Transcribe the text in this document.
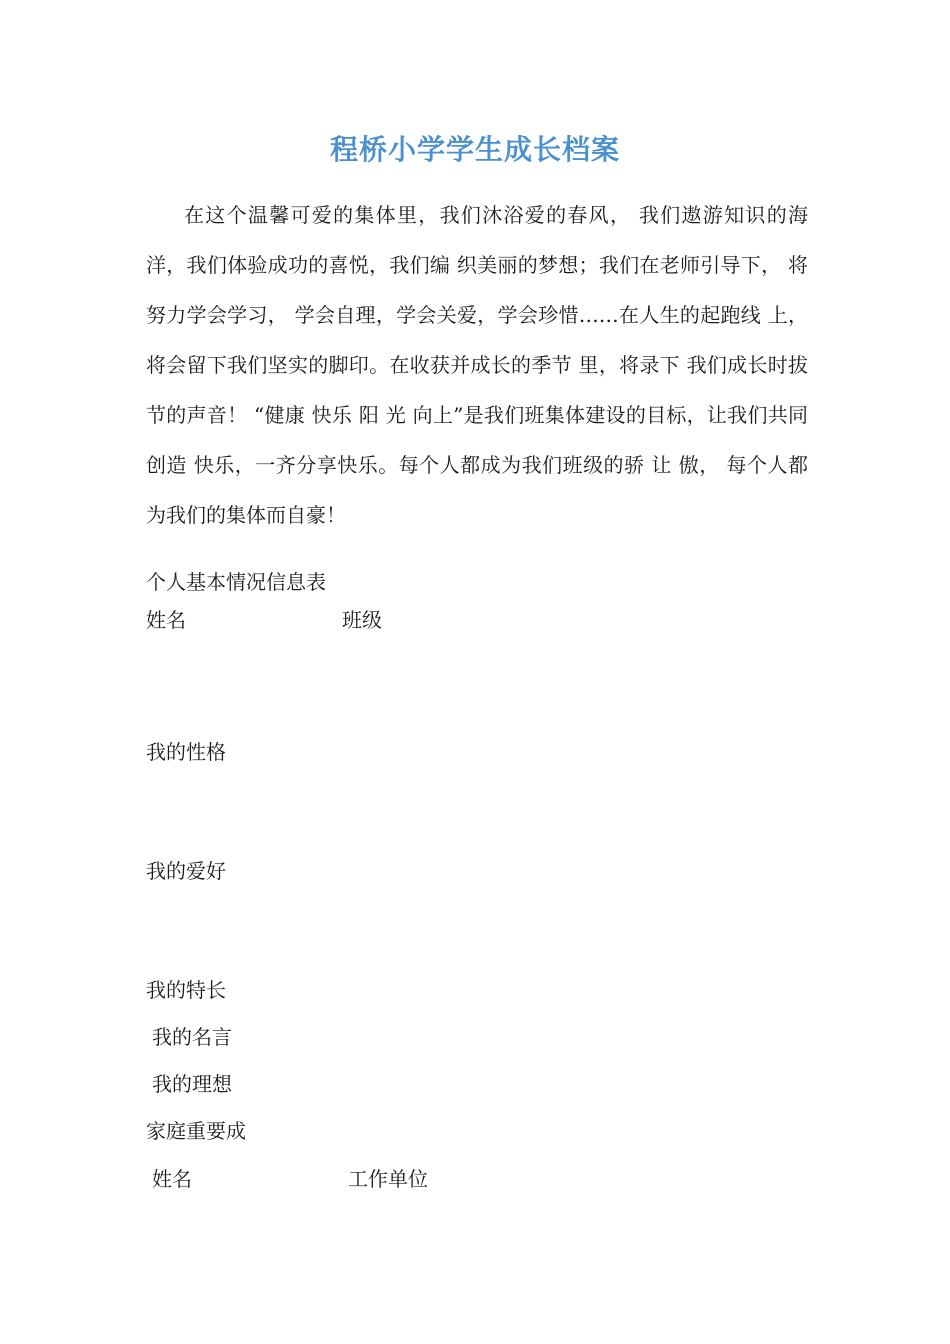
程桥小学学生成长档案

在这个温馨可爱的集体里，我们沐浴爱的春风， 我们遨游知识的海洋，我们体验成功的喜悦，我们编 织美丽的梦想；我们在老师引导下， 将努力学会学习， 学会自理，学会关爱，学会珍惜……在人生的起跑线 上，将会留下我们坚实的脚印。在收获并成长的季节 里，将录下 我们成长时拔节的声音！ “健康 快乐 阳 光 向上”是我们班集体建设的目标，让我们共同创造 快乐，一齐分享快乐。每个人都成为我们班级的骄 让 傲， 每个人都为我们的集体而自豪！

个人基本情况信息表
姓名	班级
我的性格
我的爱好
我的特长
我的名言
我的理想
家庭重要成
姓名	工作单位
